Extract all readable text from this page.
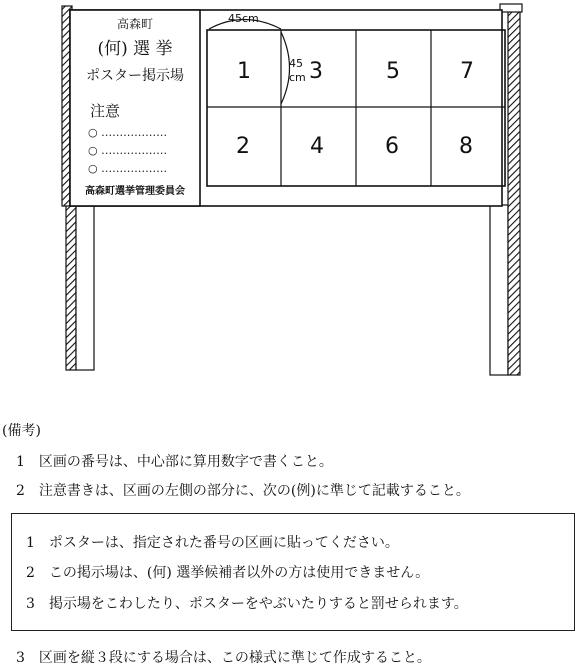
高森町
(何) 選 挙
ポスター掲示場
注意
○ ………………
○ ………………
○ ………………
高森町選挙管理委員会
1	3	5	7
2	4	6	8
45cm
45
cm
(備考)
1　区画の番号は、中心部に算用数字で書くこと。
2　注意書きは、区画の左側の部分に、次の(例)に準じて記載すること。
1　ポスターは、指定された番号の区画に貼ってください。
2　この掲示場は、(何) 選挙候補者以外の方は使用できません。
3　掲示場をこわしたり、ポスターをやぶいたりすると罰せられます。
3　区画を縦３段にする場合は、この様式に準じて作成すること。
